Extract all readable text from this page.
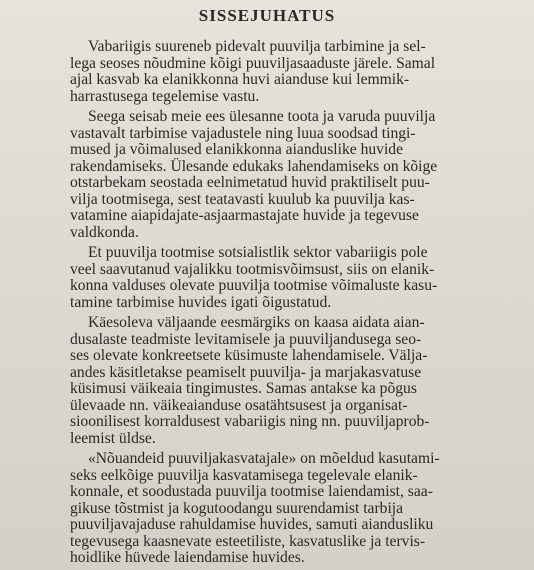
SISSEJUHATUS

Vabariigis suureneb pidevalt puuvilja tarbimine ja sel-
lega seoses nõudmine kõigi puuviljasaaduste järele. Samal
ajal kasvab ka elanikkonna huvi aianduse kui lemmik-
harrastusega tegelemise vastu.

Seega seisab meie ees ülesanne toota ja varuda puuvilja
vastavalt tarbimise vajadustele ning luua soodsad tingi-
mused ja võimalused elanikkonna aianduslike huvide
rakendamiseks. Ülesande edukaks lahendamiseks on kõige
otstarbekam seostada eelnimetatud huvid praktiliselt puu-
vilja tootmisega, sest teatavasti kuulub ka puuvilja kas-
vatamine aiapidajate-asjaarmastajate huvide ja tegevuse
valdkonda.

Et puuvilja tootmise sotsialistlik sektor vabariigis pole
veel saavutanud vajalikku tootmisvõimsust, siis on elanik-
konna valduses olevate puuvilja tootmise võimaluste kasu-
tamine tarbimise huvides igati õigustatud.

Käesoleva väljaande eesmärgiks on kaasa aidata aian-
dusalaste teadmiste levitamisele ja puuviljandusega seo-
ses olevate konkreetsete küsimuste lahendamisele. Välja-
andes käsitletakse peamiselt puuvilja- ja marjakasvatuse
küsimusi väikeaia tingimustes. Samas antakse ka põgus
ülevaade nn. väikeaianduse osatähtsusest ja organisat-
sioonilisest korraldusest vabariigis ning nn. puuviljaprob-
leemist üldse.

«Nõuandeid puuviljakasvatajale» on mõeldud kasutami-
seks eelkõige puuvilja kasvatamisega tegelevale elanik-
konnale, et soodustada puuvilja tootmise laiendamist, saa-
gikuse tõstmist ja kogutoodangu suurendamist tarbija
puuviljavajaduse rahuldamise huvides, samuti aiandusliku
tegevusega kaasnevate esteetiliste, kasvatuslike ja tervis-
hoidlike hüvede laiendamise huvides.
